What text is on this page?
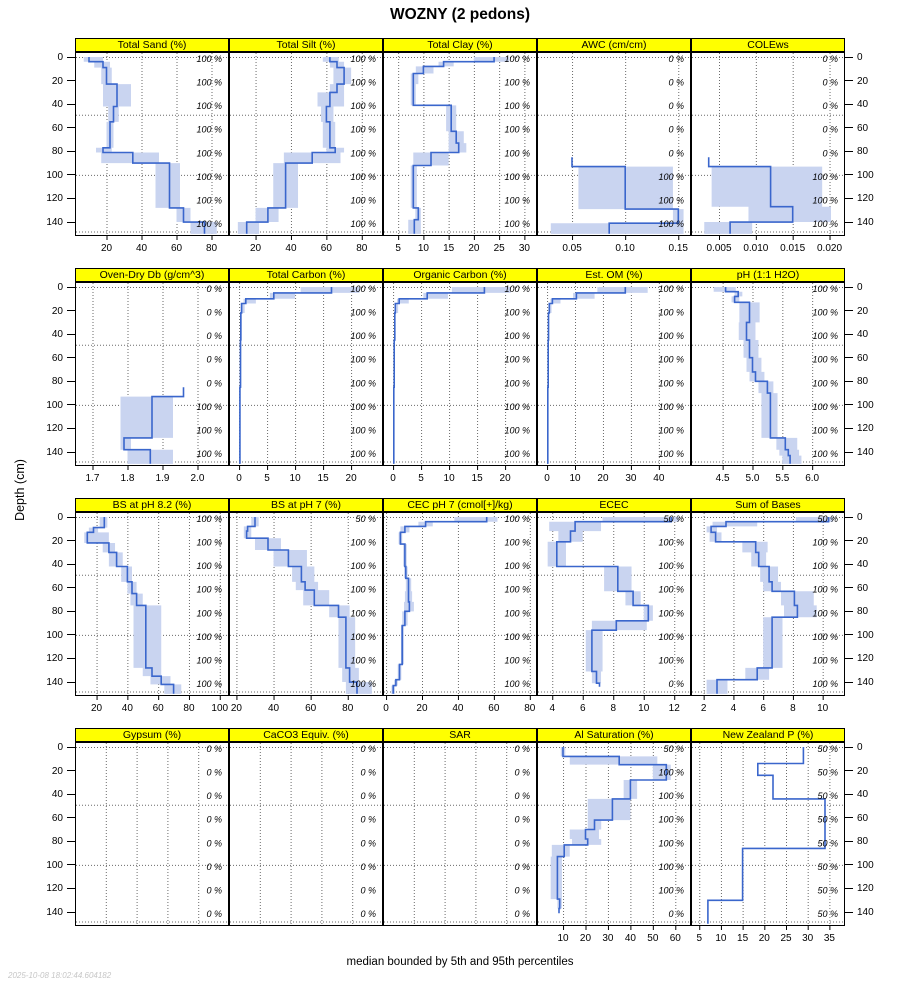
WOZNY (2 pedons)
Depth (cm)
Total Sand (%)
100 %
100 %
100 %
100 %
100 %
100 %
100 %
100 %
20 40 60 80
Total Silt (%)
100 %
100 %
100 %
100 %
100 %
100 %
100 %
100 %
20 40 60 80
Total Clay (%)
100 %
100 %
100 %
100 %
100 %
100 %
100 %
100 %
5 10 15 20 25 30
AWC (cm/cm)
0 %
0 %
0 %
0 %
0 %
100 %
100 %
100 %
0.05	0.10	0.15
COLEws
0 %
0 %
0 %
0 %
0 %
100 %
100 %
100 %
0.005 0.010 0.015 0.020
Oven-Dry Db (g/cm^3)
0 %
0 %
0 %
0 %
0 %
100 %
100 %
100 %
1.7 1.8 1.9 2.0
Total Carbon (%)
100 %
100 %
100 %
100 %
100 %
100 %
100 %
100 %
0 5 10 15 20
Organic Carbon (%)
100 %
100 %
100 %
100 %
100 %
100 %
100 %
100 %
0 5 10 15 20
Est. OM (%)
100 %
100 %
100 %
100 %
100 %
100 %
100 %
100 %
0 10 20 30 40
pH (1:1 H2O)
100 %
100 %
100 %
100 %
100 %
100 %
100 %
100 %
4.5 5.0 5.5 6.0
BS at pH 8.2 (%)
100 %
100 %
100 %
100 %
100 %
100 %
100 %
100 %
20 40 60 80 100
BS at pH 7 (%)
50 %
100 %
100 %
100 %
100 %
100 %
100 %
100 %
20	40	60	80
CEC pH 7 (cmol[+]/kg)
100 %
100 %
100 %
100 %
100 %
100 %
100 %
100 %
0	20 40 60 80
ECEC
50 %
100 %
100 %
100 %
100 %
100 %
100 %
0 %
4 6 8 10 12
Sum of Bases
50 %
100 %
100 %
100 %
100 %
100 %
100 %
100 %
2 4 6 8 10
Gypsum (%)
0 %
0 %
0 %
0 %
0 %
0 %
0 %
0 %
CaCO3 Equiv. (%)
0 %
0 %
0 %
0 %
0 %
0 %
0 %
0 %
SAR
0 %
0 %
0 %
0 %
0 %
0 %
0 %
0 %
Al Saturation (%)
50 %
100 %
100 %
100 %
100 %
100 %
100 %
0 %
10 20 30 40 50 60
New Zealand P (%)
50 %
50 %
50 %
50 %
50 %
50 %
50 %
50 %
5 10 15 20 25 30 35
0	0
20	20
40	40
60	60
80	80
100	100
120	120
140	140
0	0
20	20
40	40
60	60
80	80
100	100
120	120
140	140
0	0
20	20
40	40
60	60
80	80
100	100
120	120
140	140
0	0
20	20
40	40
60	60
80	80
100	100
120	120
140	140
median bounded by 5th and 95th percentiles
2025-10-08 18:02:44.604182
